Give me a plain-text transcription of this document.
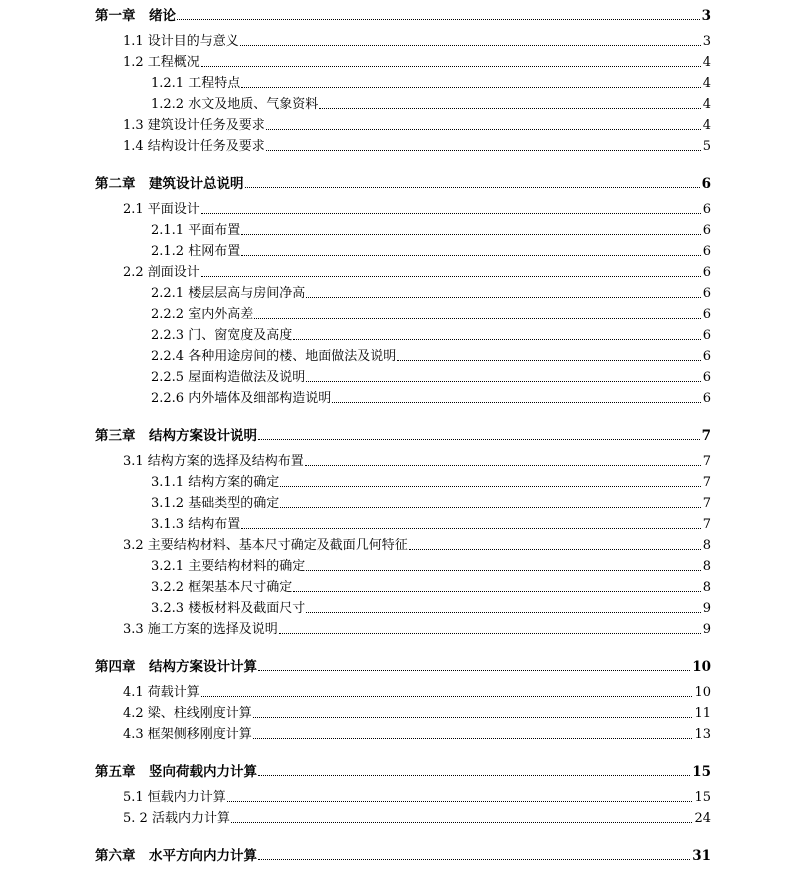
第一章　绪论	3
1.1 设计目的与意义	3
1.2 工程概况	4
1.2.1 工程特点	4
1.2.2 水文及地质、气象资料	4
1.3 建筑设计任务及要求	4
1.4 结构设计任务及要求	5
第二章　建筑设计总说明	6
2.1 平面设计	6
2.1.1 平面布置	6
2.1.2 柱网布置	6
2.2 剖面设计	6
2.2.1 楼层层高与房间净高	6
2.2.2 室内外高差	6
2.2.3 门、窗宽度及高度	6
2.2.4 各种用途房间的楼、地面做法及说明	6
2.2.5 屋面构造做法及说明	6
2.2.6 内外墙体及细部构造说明	6
第三章　结构方案设计说明	7
3.1 结构方案的选择及结构布置	7
3.1.1 结构方案的确定	7
3.1.2 基础类型的确定	7
3.1.3 结构布置	7
3.2 主要结构材料、基本尺寸确定及截面几何特征	8
3.2.1 主要结构材料的确定	8
3.2.2 框架基本尺寸确定	8
3.2.3 楼板材料及截面尺寸	9
3.3 施工方案的选择及说明	9
第四章　结构方案设计计算	10
4.1 荷载计算	10
4.2 梁、柱线刚度计算	11
4.3 框架侧移刚度计算	13
第五章　竖向荷载内力计算	15
5.1 恒载内力计算	15
5. 2 活载内力计算	24
第六章　水平方向内力计算	31
